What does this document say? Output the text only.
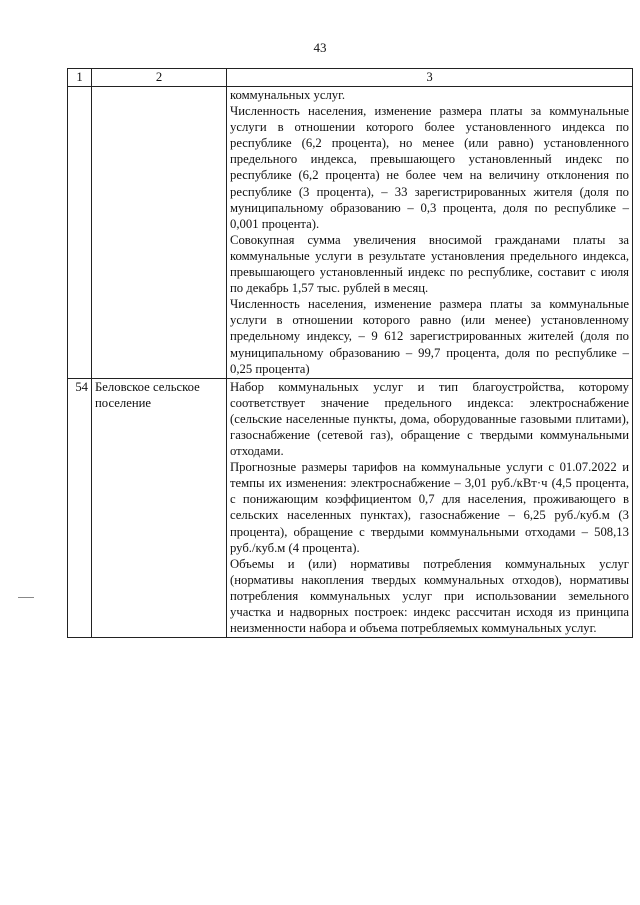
43
1	2	3

		коммунальных услуг.

Численность населения, изменение размера платы за коммунальные услуги в отношении которого более установленного индекса по республике (6,2 процента), но менее (или равно) установленного предельного индекса, превышающего установленный индекс по республике (6,2 процента) не более чем на величину отклонения по республике (3 процента), – 33 зарегистрированных жителя (доля по муниципальному образованию – 0,3 процента, доля по республике – 0,001 процента).

Совокупная сумма увеличения вносимой гражданами платы за коммунальные услуги в результате установления предельного индекса, превышающего установленный индекс по республике, составит с июля по декабрь 1,57 тыс. рублей в месяц.

Численность населения, изменение размера платы за коммунальные услуги в отношении которого равно (или менее) установленному предельному индексу, – 9 612 зарегистрированных жителей (доля по муниципальному образованию – 99,7 процента, доля по республике – 0,25 процента)

54	Беловское сельское поселение	Набор коммунальных услуг и тип благоустройства, которому соответствует значение предельного индекса: электроснабжение (сельские населенные пункты, дома, оборудованные газовыми плитами), газоснабжение (сетевой газ), обращение с твердыми коммунальными отходами.

Прогнозные размеры тарифов на коммунальные услуги с 01.07.2022 и темпы их изменения: электроснабжение – 3,01 руб./кВт·ч (4,5 процента, с понижающим коэффициентом 0,7 для населения, проживающего в сельских населенных пунктах), газоснабжение – 6,25 руб./куб.м (3 процента), обращение с твердыми коммунальными отходами – 508,13 руб./куб.м (4 процента).

Объемы и (или) нормативы потребления коммунальных услуг (нормативы накопления твердых коммунальных отходов), нормативы потребления коммунальных услуг при использовании земельного участка и надворных построек: индекс рассчитан исходя из принципа неизменности набора и объема потребляемых коммунальных услуг.
